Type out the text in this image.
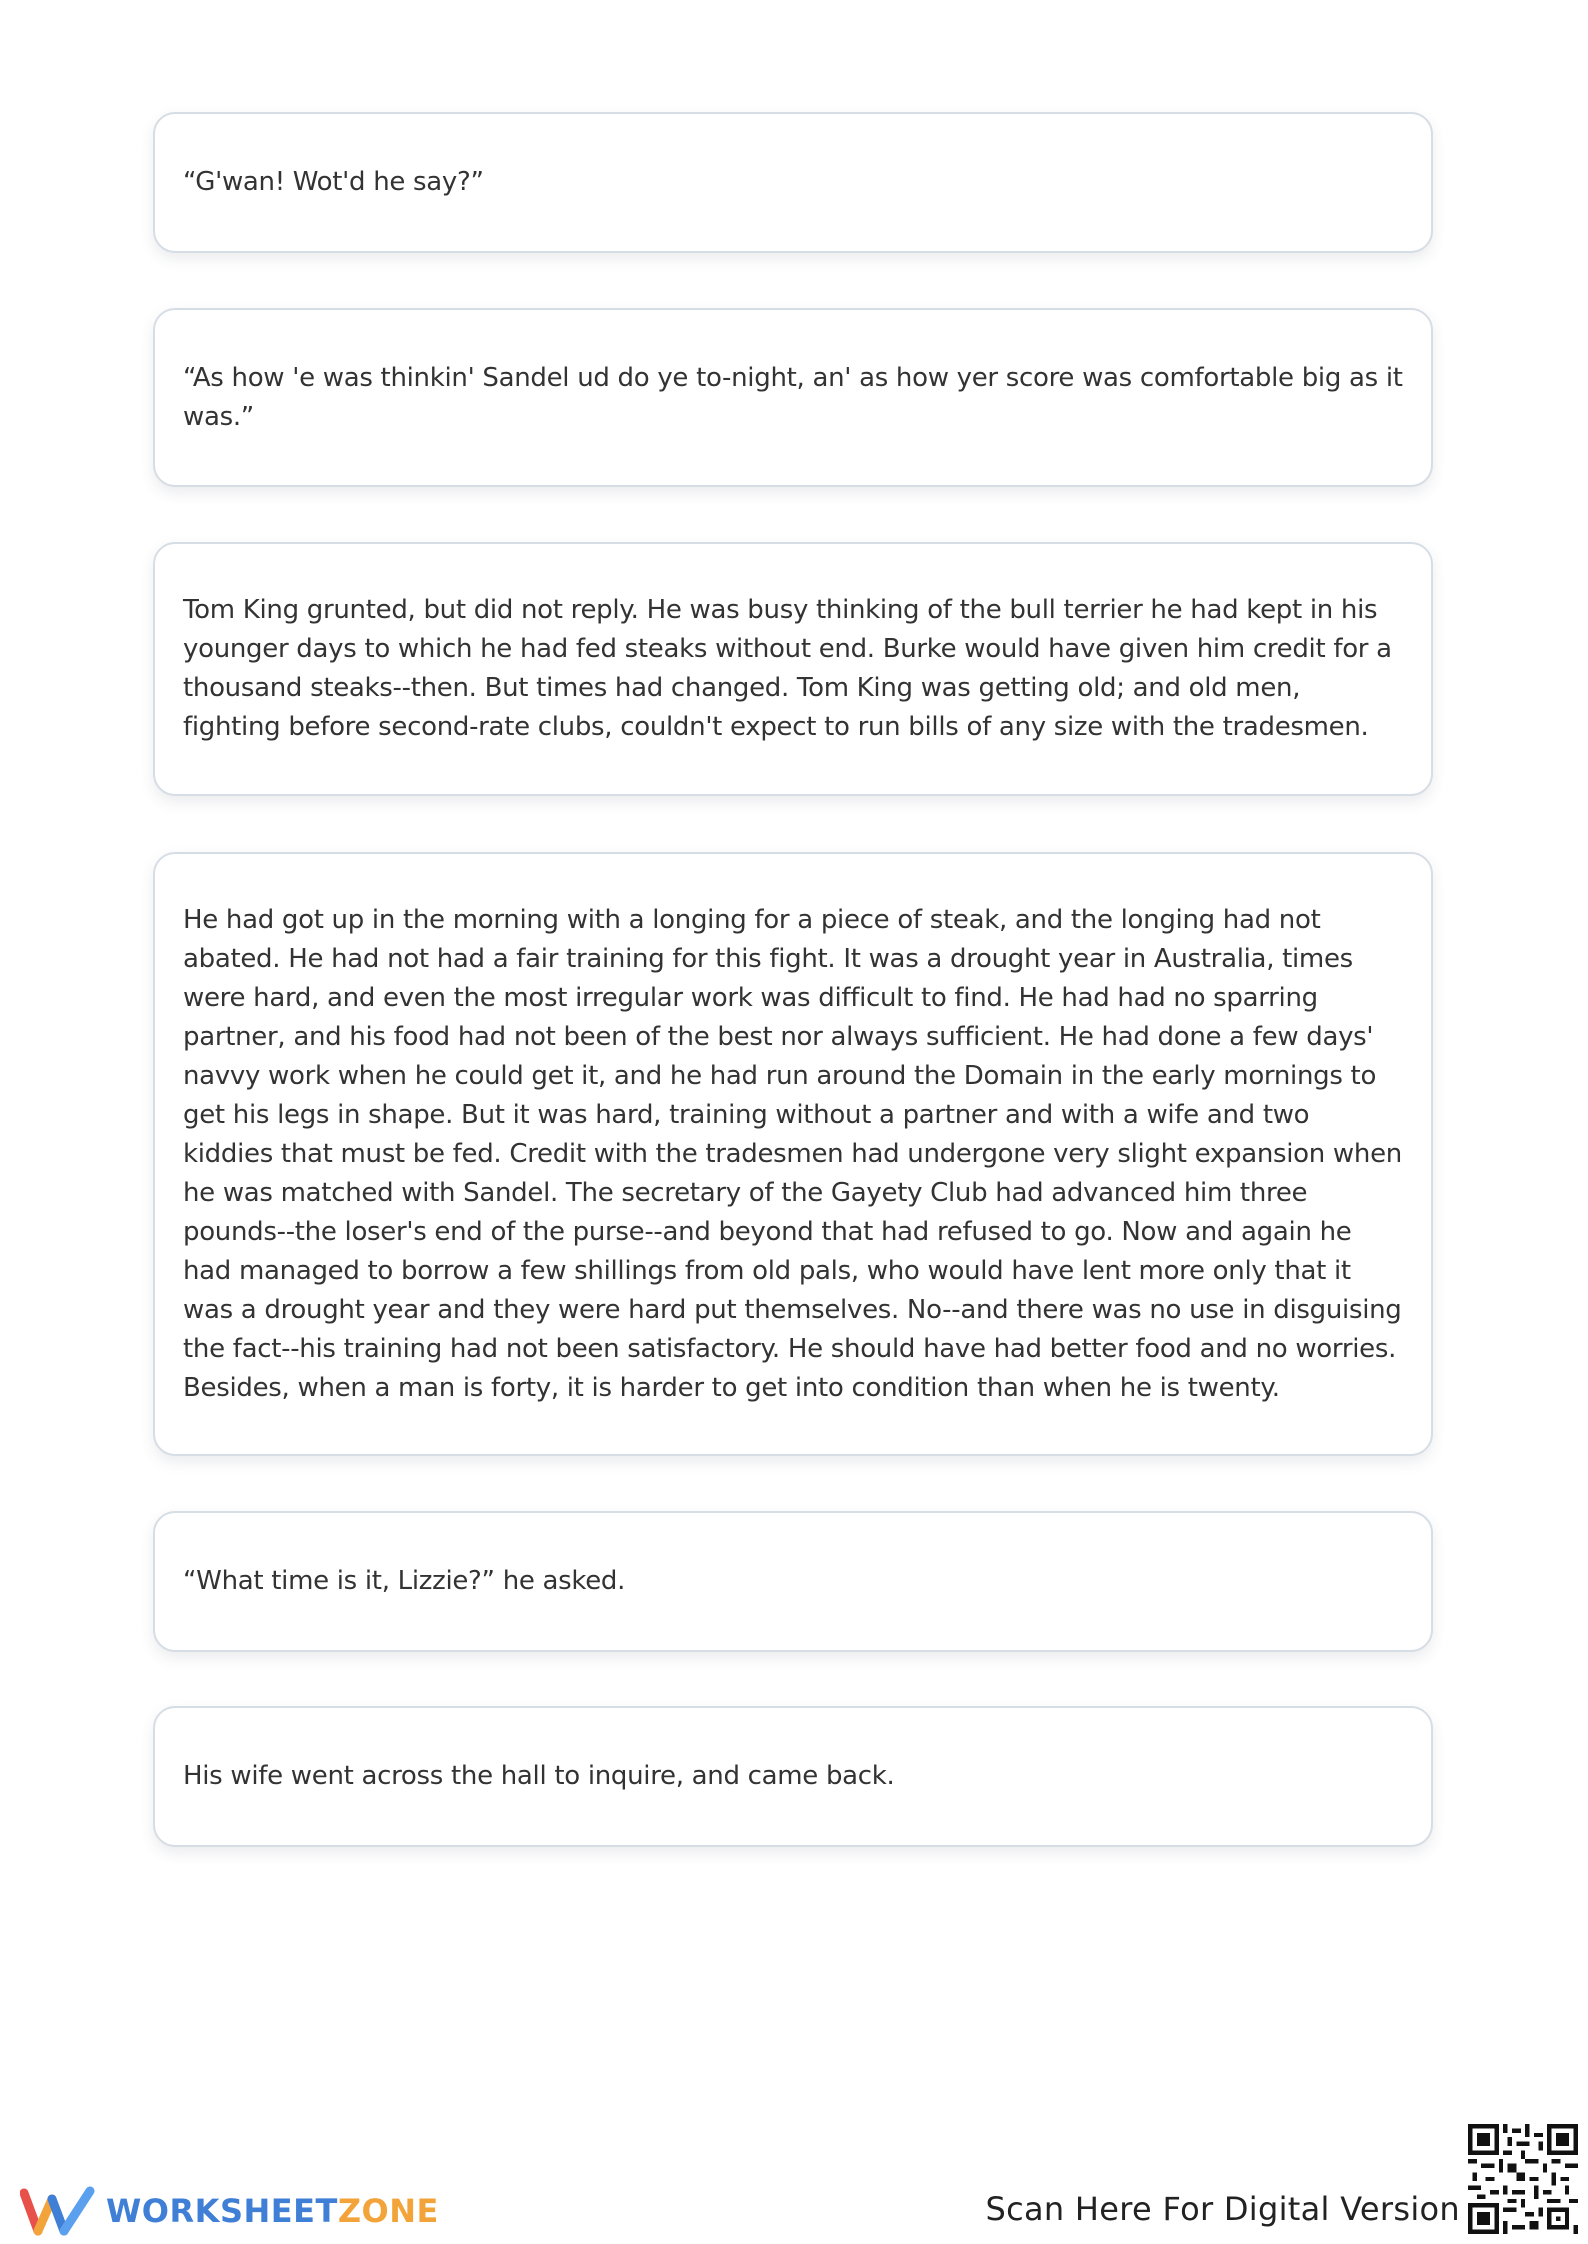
“G'wan! Wot'd he say?”

“As how 'e was thinkin' Sandel ud do ye to-night, an' as how yer score was comfortable big as it was.”

Tom King grunted, but did not reply. He was busy thinking of the bull terrier he had kept in his younger days to which he had fed steaks without end. Burke would have given him credit for a thousand steaks--then. But times had changed. Tom King was getting old; and old men, fighting before second-rate clubs, couldn't expect to run bills of any size with the tradesmen.

He had got up in the morning with a longing for a piece of steak, and the longing had not abated. He had not had a fair training for this fight. It was a drought year in Australia, times were hard, and even the most irregular work was difficult to find. He had had no sparring partner, and his food had not been of the best nor always sufficient. He had done a few days' navvy work when he could get it, and he had run around the Domain in the early mornings to get his legs in shape. But it was hard, training without a partner and with a wife and two kiddies that must be fed. Credit with the tradesmen had undergone very slight expansion when he was matched with Sandel. The secretary of the Gayety Club had advanced him three pounds--the loser's end of the purse--and beyond that had refused to go. Now and again he had managed to borrow a few shillings from old pals, who would have lent more only that it was a drought year and they were hard put themselves. No--and there was no use in disguising the fact--his training had not been satisfactory. He should have had better food and no worries. Besides, when a man is forty, it is harder to get into condition than when he is twenty.

“What time is it, Lizzie?” he asked.

His wife went across the hall to inquire, and came back.

WORKSHEETZONE	Scan Here For Digital Version
